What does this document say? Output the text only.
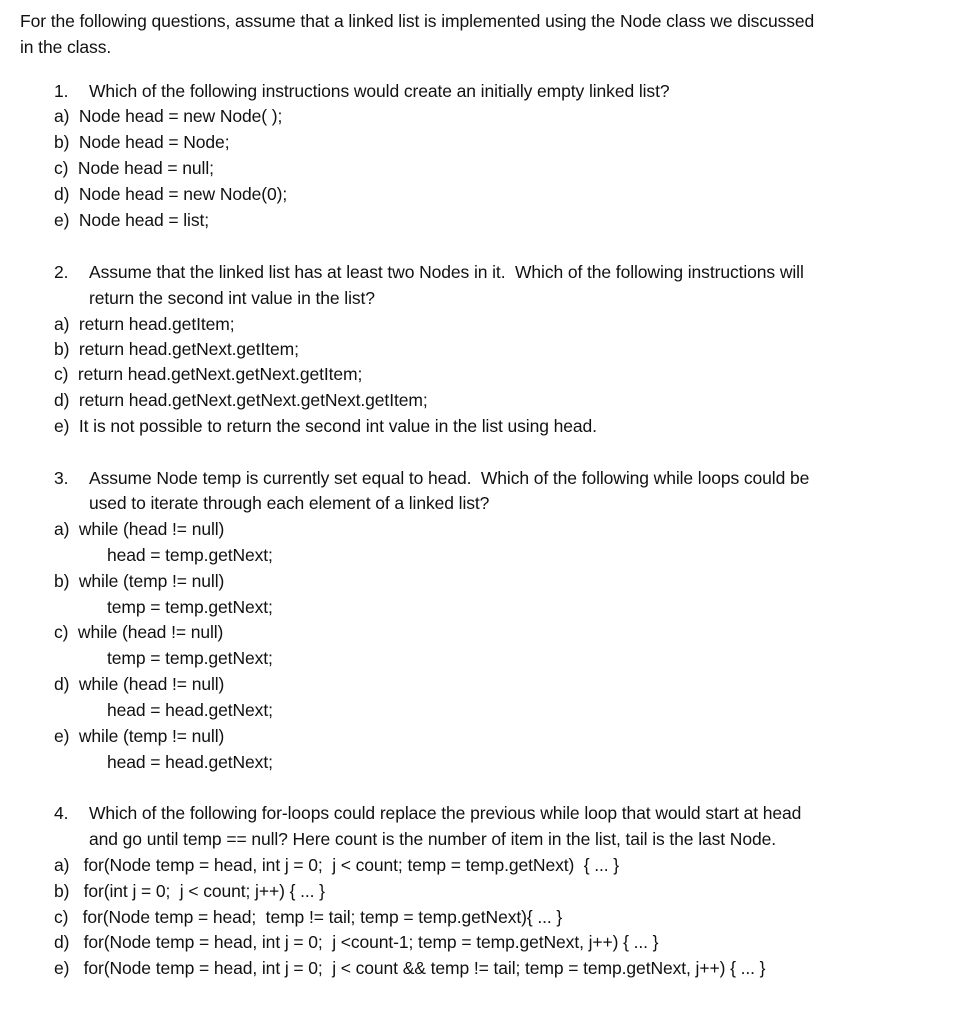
For the following questions, assume that a linked list is implemented using the Node class we discussed
in the class.
1. Which of the following instructions would create an initially empty linked list?
a)  Node head = new Node( );
b)  Node head = Node;
c)  Node head = null;
d)  Node head = new Node(0);
e)  Node head = list;
2. Assume that the linked list has at least two Nodes in it.  Which of the following instructions will
return the second int value in the list?
a)  return head.getItem;
b)  return head.getNext.getItem;
c)  return head.getNext.getNext.getItem;
d)  return head.getNext.getNext.getNext.getItem;
e)  It is not possible to return the second int value in the list using head.
3. Assume Node temp is currently set equal to head.  Which of the following while loops could be
used to iterate through each element of a linked list?
a)  while (head != null)
head = temp.getNext;
b)  while (temp != null)
temp = temp.getNext;
c)  while (head != null)
temp = temp.getNext;
d)  while (head != null)
head = head.getNext;
e)  while (temp != null)
head = head.getNext;
4. Which of the following for-loops could replace the previous while loop that would start at head
and go until temp == null? Here count is the number of item in the list, tail is the last Node.
a)   for(Node temp = head, int j = 0;  j < count; temp = temp.getNext)  { ... }
b)   for(int j = 0;  j < count; j++) { ... }
c)   for(Node temp = head;  temp != tail; temp = temp.getNext){ ... }
d)   for(Node temp = head, int j = 0;  j <count-1; temp = temp.getNext, j++) { ... }
e)   for(Node temp = head, int j = 0;  j < count && temp != tail; temp = temp.getNext, j++) { ... }
